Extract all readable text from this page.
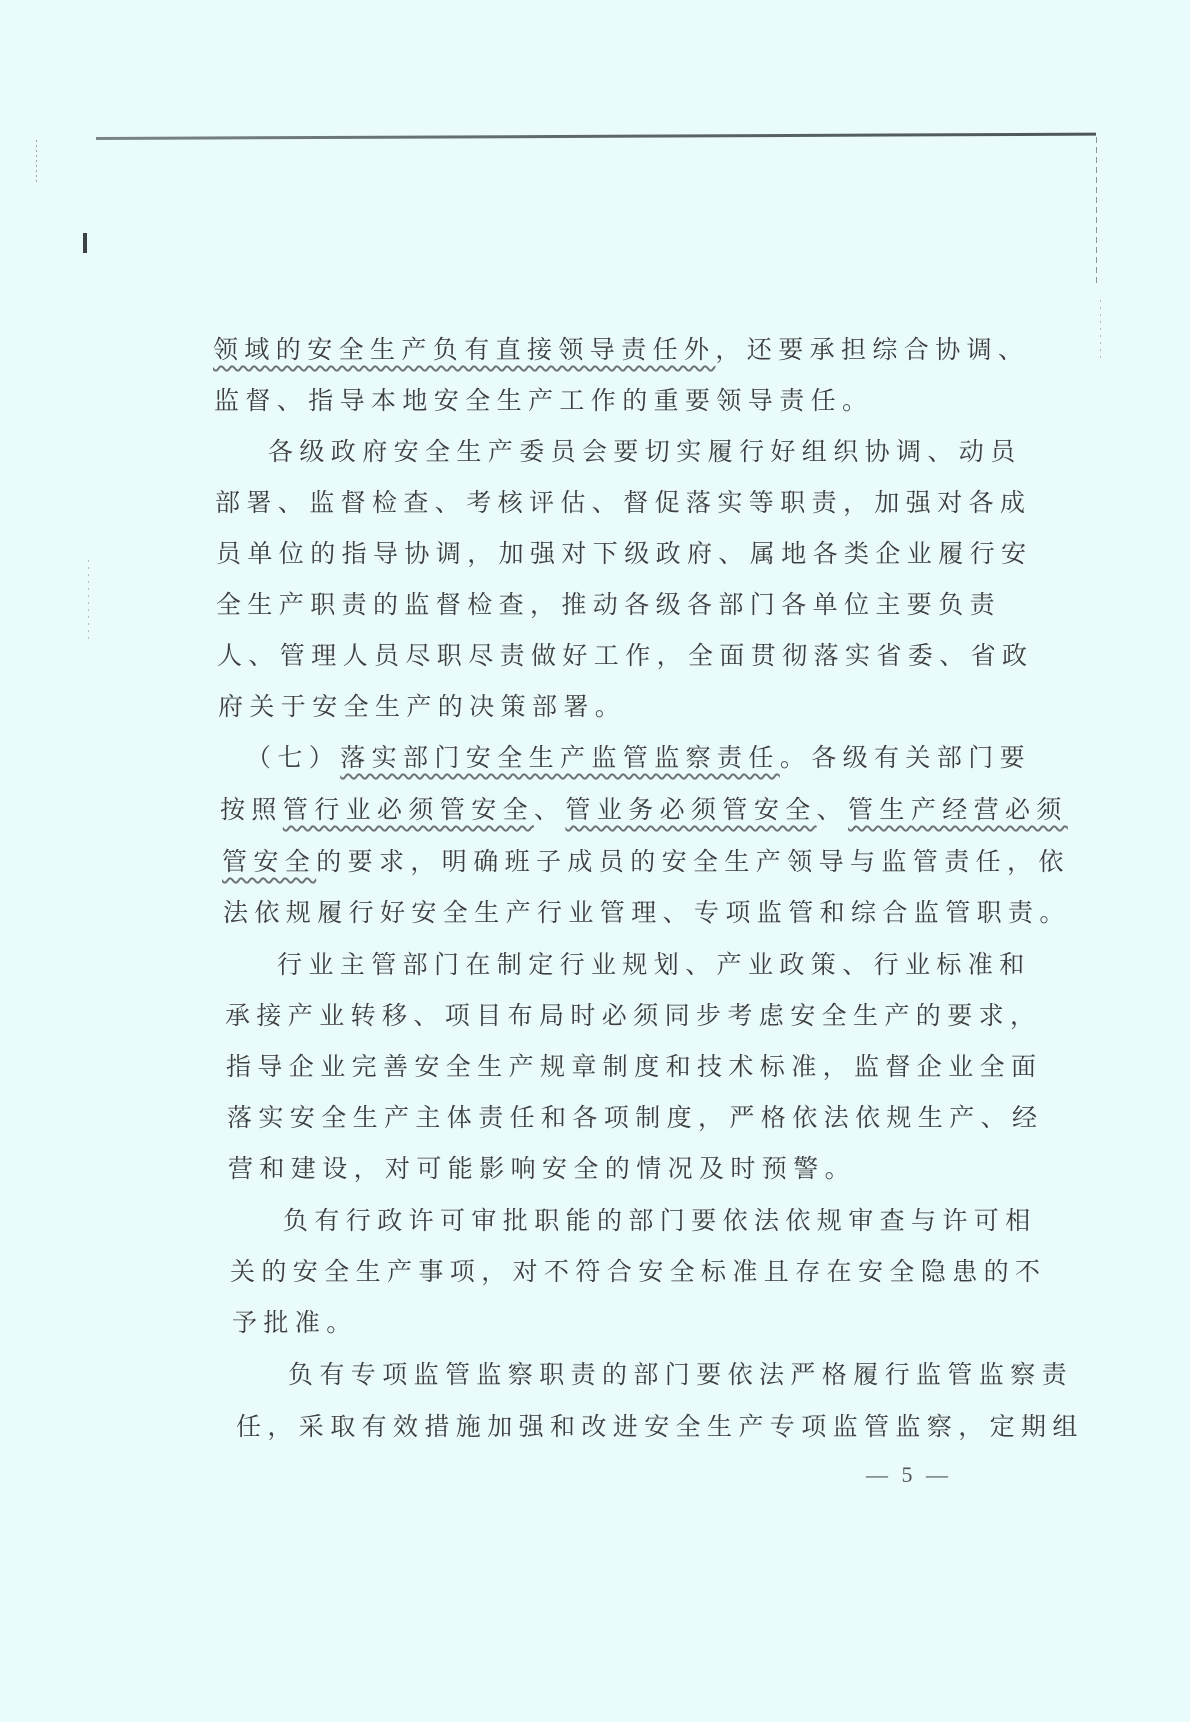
领域的安全生产负有直接领导责任外，还要承担综合协调、
监督、指导本地安全生产工作的重要领导责任。
各级政府安全生产委员会要切实履行好组织协调、动员
部署、监督检查、考核评估、督促落实等职责，加强对各成
员单位的指导协调，加强对下级政府、属地各类企业履行安
全生产职责的监督检查，推动各级各部门各单位主要负责
人、管理人员尽职尽责做好工作，全面贯彻落实省委、省政
府关于安全生产的决策部署。
（七）落实部门安全生产监管监察责任。各级有关部门要
按照管行业必须管安全、管业务必须管安全、管生产经营必须
管安全的要求，明确班子成员的安全生产领导与监管责任，依
法依规履行好安全生产行业管理、专项监管和综合监管职责。
行业主管部门在制定行业规划、产业政策、行业标准和
承接产业转移、项目布局时必须同步考虑安全生产的要求，
指导企业完善安全生产规章制度和技术标准，监督企业全面
落实安全生产主体责任和各项制度，严格依法依规生产、经
营和建设，对可能影响安全的情况及时预警。
负有行政许可审批职能的部门要依法依规审查与许可相
关的安全生产事项，对不符合安全标准且存在安全隐患的不
予批准。
负有专项监管监察职责的部门要依法严格履行监管监察责
任，采取有效措施加强和改进安全生产专项监管监察，定期组
— 5 —
